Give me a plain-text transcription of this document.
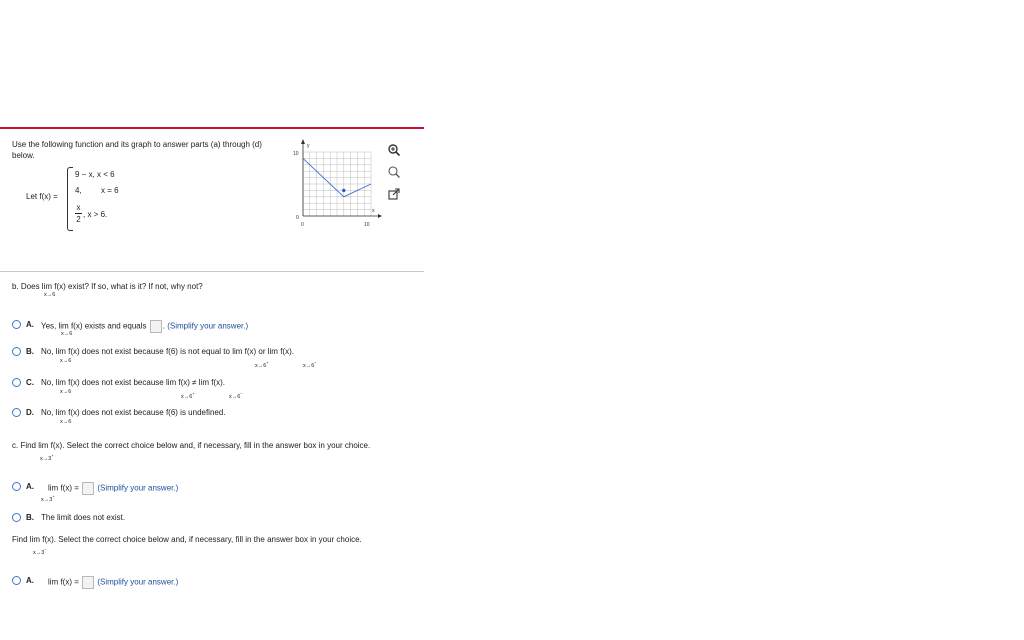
Use the following function and its graph to answer parts (a) through (d)
below.
Let f(x) =
9 − x, x < 6
4, x = 6
x
2
, x > 6.
y
x
10
0
0	10
b. Does lim f(x) exist? If so, what is it? If not, why not?
x→6
A. Yes, lim f(x) exists and equals . (Simplify your answer.)
x→6
B. No, lim f(x) does not exist because f(6) is not equal to lim f(x) or lim f(x).
x→6
x→6+
x→6−
C. No, lim f(x) does not exist because lim f(x) ≠ lim f(x).
x→6
x→6+
x→6−
D. No, lim f(x) does not exist because f(6) is undefined.
x→6
c. Find lim f(x). Select the correct choice below and, if necessary, fill in the answer box in your choice.
x→3+
A. lim f(x) = (Simplify your answer.)
x→3+
B. The limit does not exist.
Find lim f(x). Select the correct choice below and, if necessary, fill in the answer box in your choice.
x→3−
A. lim f(x) = (Simplify your answer.)
